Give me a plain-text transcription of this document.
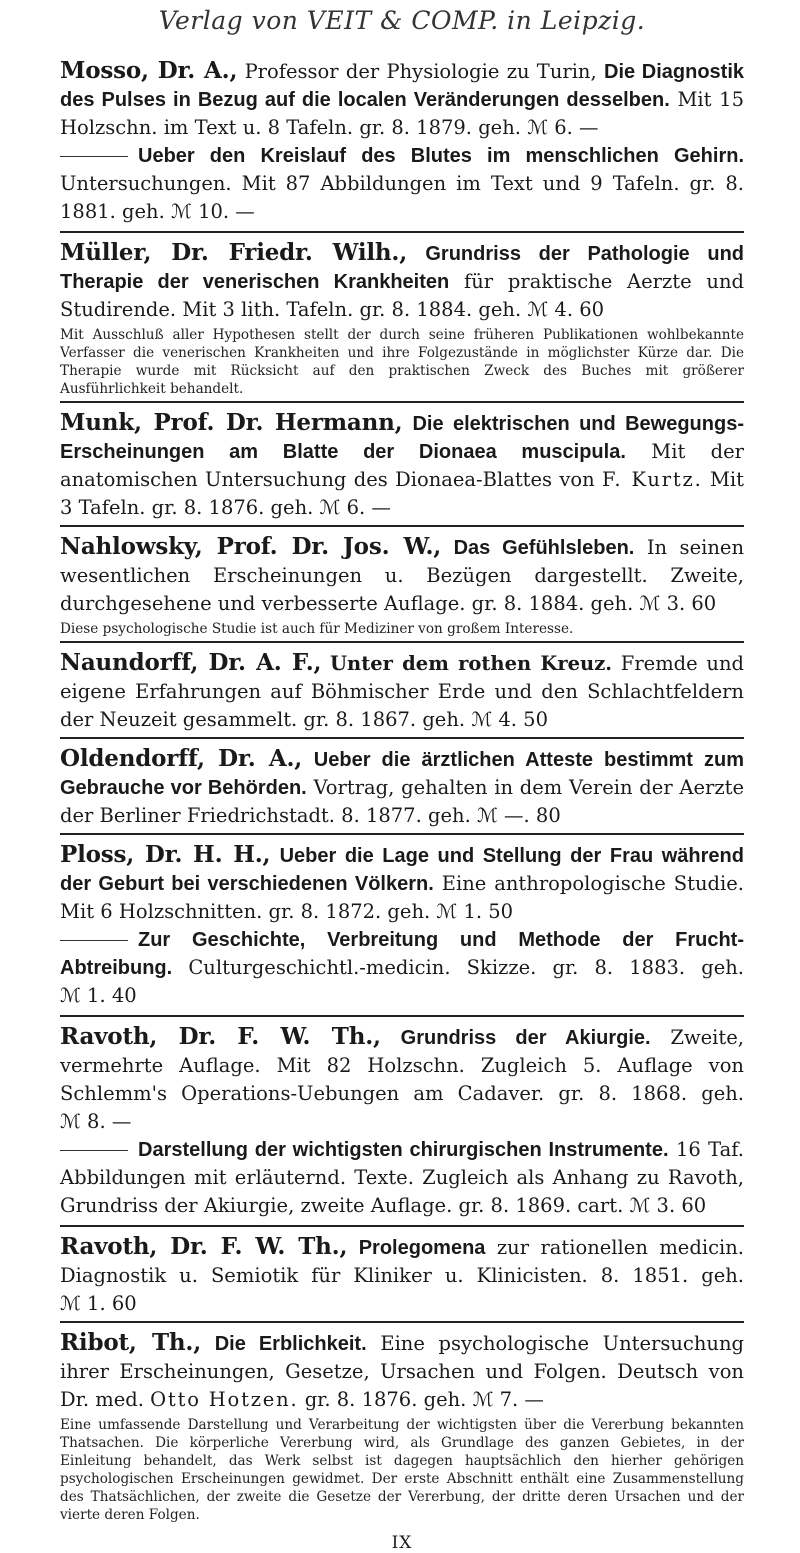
Verlag von VEIT & COMP. in Leipzig.

Mosso, Dr. A., Professor der Physiologie zu Turin, Die Diagnostik des Pulses in Bezug auf die localen Veränderungen desselben. Mit 15 Holzschn. im Text u. 8 Tafeln. gr. 8. 1879. geh. ℳ 6. —

Ueber den Kreislauf des Blutes im menschlichen Gehirn. Untersuchungen. Mit 87 Abbildungen im Text und 9 Tafeln. gr. 8. 1881. geh. ℳ 10. —

Müller, Dr. Friedr. Wilh., Grundriss der Pathologie und Therapie der venerischen Krankheiten für praktische Aerzte und Studirende. Mit 3 lith. Tafeln. gr. 8. 1884. geh. ℳ 4. 60

Mit Ausschluß aller Hypothesen stellt der durch seine früheren Publikationen wohlbekannte Verfasser die venerischen Krankheiten und ihre Folgezustände in möglichster Kürze dar. Die Therapie wurde mit Rücksicht auf den praktischen Zweck des Buches mit größerer Ausführlichkeit behandelt.

Munk, Prof. Dr. Hermann, Die elektrischen und Bewegungs-Erscheinungen am Blatte der Dionaea muscipula. Mit der anatomischen Untersuchung des Dionaea-Blattes von F. Kurtz. Mit 3 Tafeln. gr. 8. 1876. geh. ℳ 6. —

Nahlowsky, Prof. Dr. Jos. W., Das Gefühlsleben. In seinen wesentlichen Erscheinungen u. Bezügen dargestellt. Zweite, durchgesehene und verbesserte Auflage. gr. 8. 1884. geh. ℳ 3. 60

Diese psychologische Studie ist auch für Mediziner von großem Interesse.

Naundorff, Dr. A. F., Unter dem rothen Kreuz. Fremde und eigene Erfahrungen auf Böhmischer Erde und den Schlachtfeldern der Neuzeit gesammelt. gr. 8. 1867. geh. ℳ 4. 50

Oldendorff, Dr. A., Ueber die ärztlichen Atteste bestimmt zum Gebrauche vor Behörden. Vortrag, gehalten in dem Verein der Aerzte der Berliner Friedrichstadt. 8. 1877. geh. ℳ —. 80

Ploss, Dr. H. H., Ueber die Lage und Stellung der Frau während der Geburt bei verschiedenen Völkern. Eine anthropologische Studie. Mit 6 Holzschnitten. gr. 8. 1872. geh. ℳ 1. 50

Zur Geschichte, Verbreitung und Methode der Frucht-Abtreibung. Culturgeschichtl.-medicin. Skizze. gr. 8. 1883. geh. ℳ 1. 40

Ravoth, Dr. F. W. Th., Grundriss der Akiurgie. Zweite, vermehrte Auflage. Mit 82 Holzschn. Zugleich 5. Auflage von Schlemm's Operations-Uebungen am Cadaver. gr. 8. 1868. geh. ℳ 8. —

Darstellung der wichtigsten chirurgischen Instrumente. 16 Taf. Abbildungen mit erläuternd. Texte. Zugleich als Anhang zu Ravoth, Grundriss der Akiurgie, zweite Auflage. gr. 8. 1869. cart. ℳ 3. 60

Ravoth, Dr. F. W. Th., Prolegomena zur rationellen medicin. Diagnostik u. Semiotik für Kliniker u. Klinicisten. 8. 1851. geh. ℳ 1. 60

Ribot, Th., Die Erblichkeit. Eine psychologische Untersuchung ihrer Erscheinungen, Gesetze, Ursachen und Folgen. Deutsch von Dr. med. Otto Hotzen. gr. 8. 1876. geh. ℳ 7. —

Eine umfassende Darstellung und Verarbeitung der wichtigsten über die Vererbung bekannten Thatsachen. Die körperliche Vererbung wird, als Grundlage des ganzen Gebietes, in der Einleitung behandelt, das Werk selbst ist dagegen hauptsächlich den hierher gehörigen psychologischen Erscheinungen gewidmet. Der erste Abschnitt enthält eine Zusammenstellung des Thatsächlichen, der zweite die Gesetze der Vererbung, der dritte deren Ursachen und der vierte deren Folgen.

IX
